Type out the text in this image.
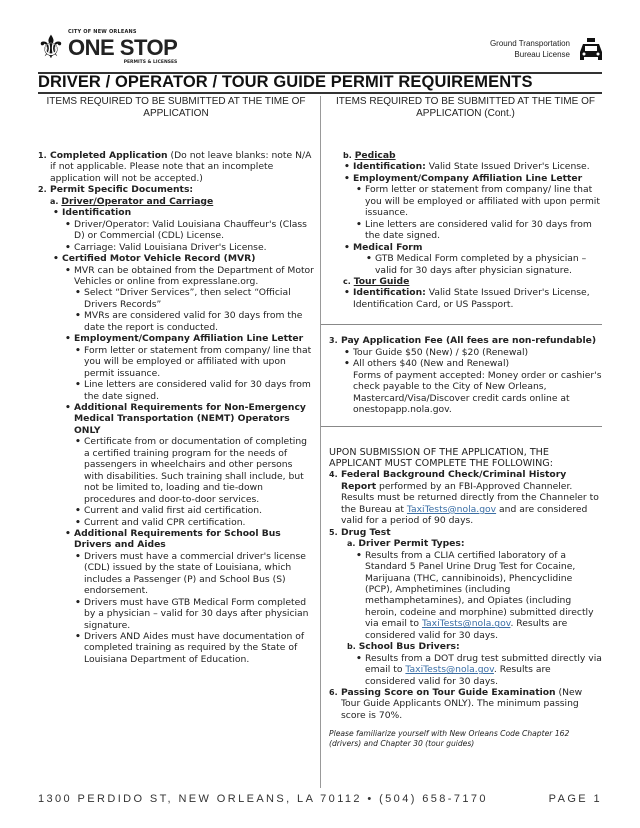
⚜ CITY OF NEW ORLEANS
ONE STOP
PERMITS & LICENSES
Ground Transportation
Bureau License
DRIVER / OPERATOR / TOUR GUIDE PERMIT REQUIREMENTS
ITEMS REQUIRED TO BE SUBMITTED AT THE TIME OF APPLICATION
1. Completed Application (Do not leave blanks: note N/A if not applicable. Please note that an incomplete application will not be accepted.)
2. Permit Specific Documents:
a. Driver/Operator and Carriage
• Identification
• Driver/Operator: Valid Louisiana Chauffeur's (Class D) or Commercial (CDL) License.
• Carriage: Valid Louisiana Driver's License.
• Certified Motor Vehicle Record (MVR)
• MVR can be obtained from the Department of Motor Vehicles or online from expresslane.org.
• Select “Driver Services”, then select “Official Drivers Records”
• MVRs are considered valid for 30 days from the date the report is conducted.
• Employment/Company Affiliation Line Letter
• Form letter or statement from company/ line that you will be employed or affiliated with upon permit issuance.
• Line letters are considered valid for 30 days from the date signed.
• Additional Requirements for Non-Emergency Medical Transportation (NEMT) Operators ONLY
• Certificate from or documentation of completing a certified training program for the needs of passengers in wheelchairs and other persons with disabilities. Such training shall include, but not be limited to, loading and tie-down procedures and door-to-door services.
• Current and valid first aid certification.
• Current and valid CPR certification.
• Additional Requirements for School Bus Drivers and Aides
• Drivers must have a commercial driver's license (CDL) issued by the state of Louisiana, which includes a Passenger (P) and School Bus (S) endorsement.
• Drivers must have GTB Medical Form completed by a physician – valid for 30 days after physician signature.
• Drivers AND Aides must have documentation of completed training as required by the State of Louisiana Department of Education.
ITEMS REQUIRED TO BE SUBMITTED AT THE TIME OF APPLICATION (Cont.)
b. Pedicab
• Identification: Valid State Issued Driver's License.
• Employment/Company Affiliation Line Letter
• Form letter or statement from company/ line that you will be employed or affiliated with upon permit issuance.
• Line letters are considered valid for 30 days from the date signed.
• Medical Form
• GTB Medical Form completed by a physician – valid for 30 days after physician signature.
c. Tour Guide
• Identification: Valid State Issued Driver's License, Identification Card, or US Passport.
3. Pay Application Fee (All fees are non-refundable)
• Tour Guide $50 (New) / $20 (Renewal)
• All others $40 (New and Renewal)
Forms of payment accepted: Money order or cashier's check payable to the City of New Orleans, Mastercard/Visa/Discover credit cards online at onestopapp.nola.gov.
UPON SUBMISSION OF THE APPLICATION, THE APPLICANT MUST COMPLETE THE FOLLOWING:
4. Federal Background Check/Criminal History Report performed by an FBI-Approved Channeler. Results must be returned directly from the Channeler to the Bureau at TaxiTests@nola.gov and are considered valid for a period of 90 days.
5. Drug Test
a. Driver Permit Types:
• Results from a CLIA certified laboratory of a Standard 5 Panel Urine Drug Test for Cocaine, Marijuana (THC, cannibinoids), Phencyclidine (PCP), Amphetimines (including methamphetamines), and Opiates (including heroin, codeine and morphine) submitted directly via email to TaxiTests@nola.gov. Results are considered valid for 30 days.
b. School Bus Drivers:
• Results from a DOT drug test submitted directly via email to TaxiTests@nola.gov. Results are considered valid for 30 days.
6. Passing Score on Tour Guide Examination (New Tour Guide Applicants ONLY). The minimum passing score is 70%.
Please familiarize yourself with New Orleans Code Chapter 162 (drivers) and Chapter 30 (tour guides)
1300 PERDIDO ST, NEW ORLEANS, LA 70112 • (504) 658-7170	PAGE 1
